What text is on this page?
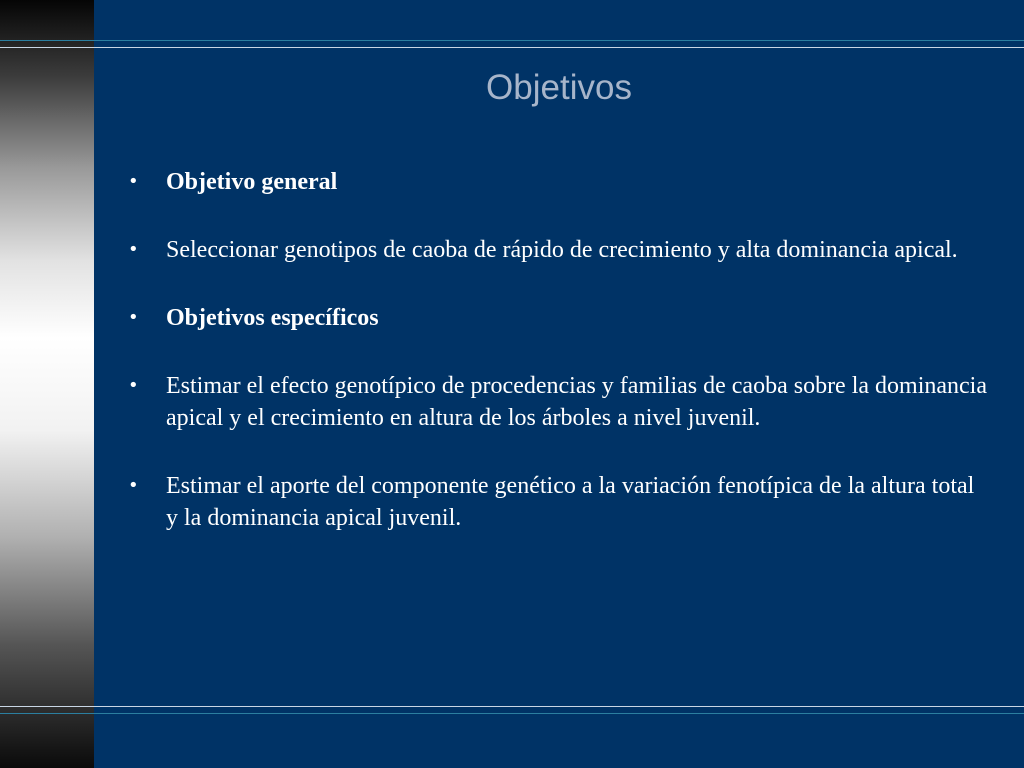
Objetivos
•	Objetivo general
•	Seleccionar genotipos de caoba de rápido de crecimiento y alta dominancia apical.
•	Objetivos específicos
•	Estimar el efecto genotípico de procedencias y familias de caoba sobre la dominancia apical y el crecimiento en altura de los árboles a nivel juvenil.
•	Estimar el aporte del componente genético a la variación fenotípica de la altura total y la dominancia apical juvenil.
